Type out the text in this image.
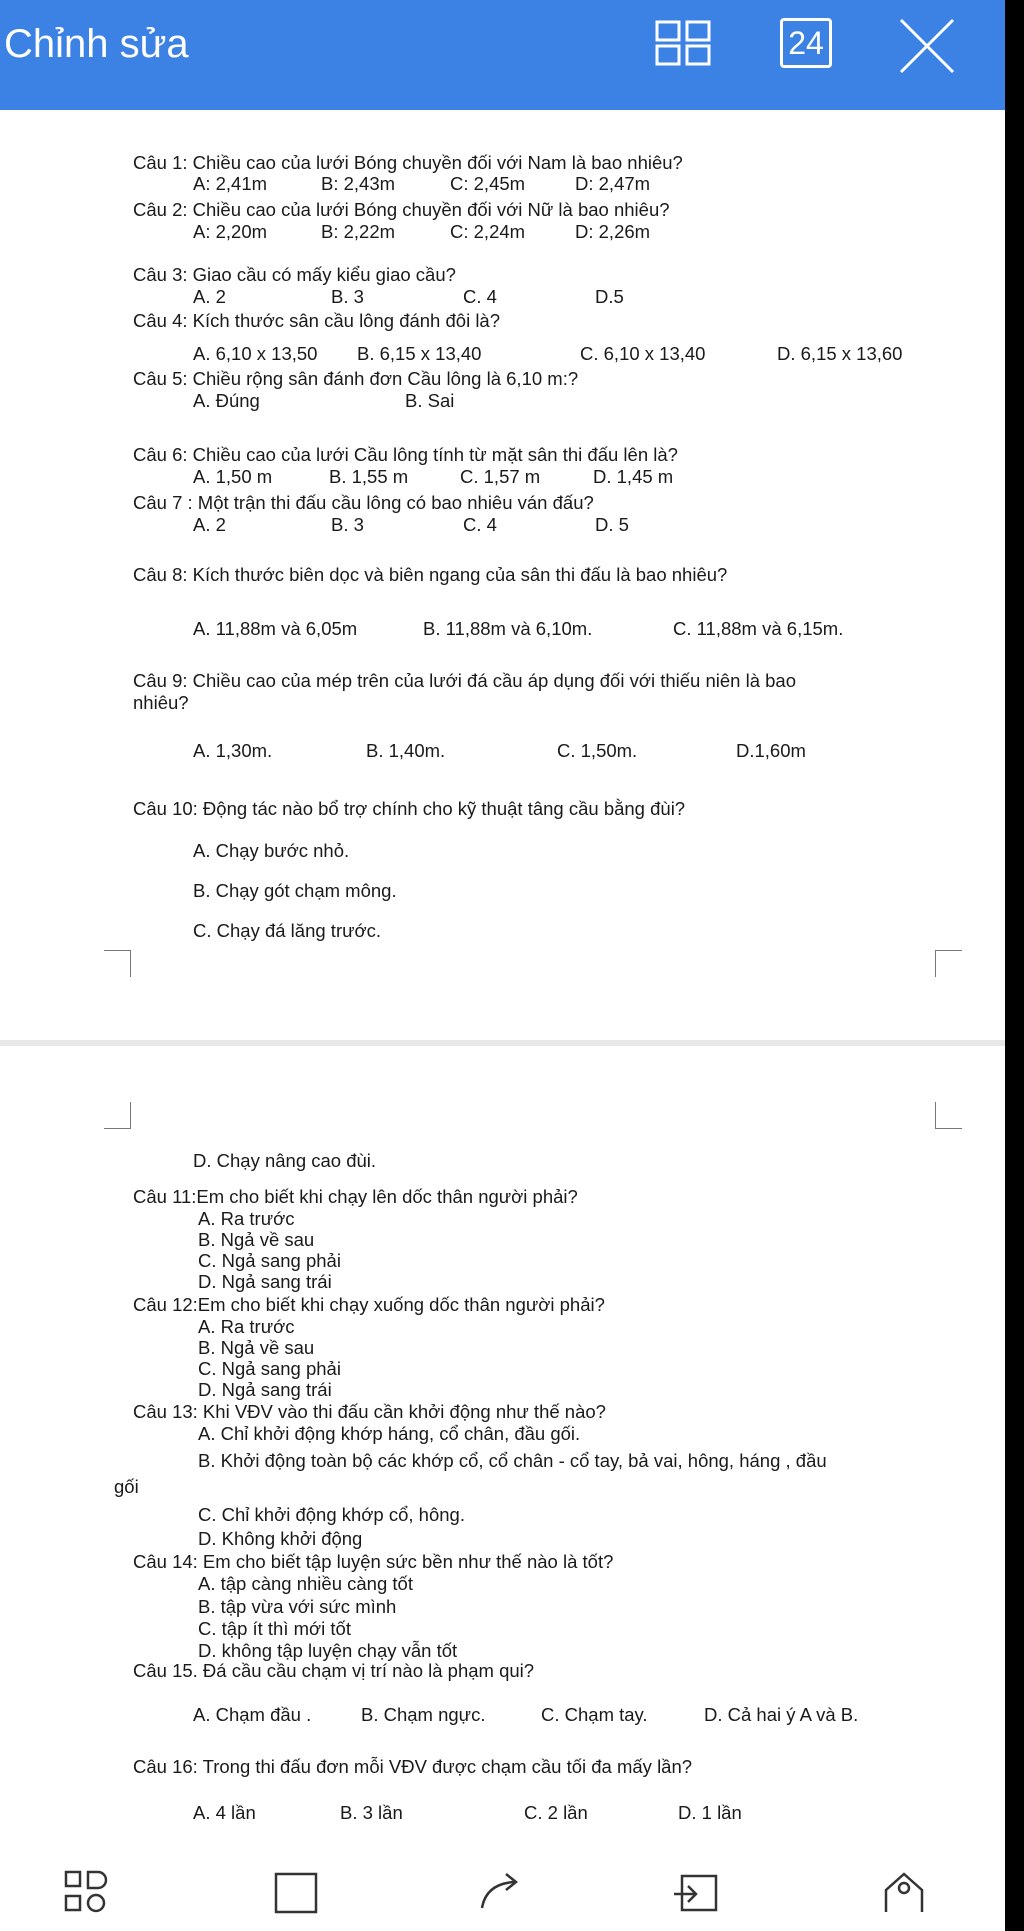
Chỉnh sửa	24
Câu 1: Chiều cao của lưới Bóng chuyền đối với Nam là bao nhiêu?
A: 2,41m	B: 2,43m	C: 2,45m	D: 2,47m
Câu 2: Chiều cao của lưới Bóng chuyền đối với Nữ là bao nhiêu?
A: 2,20m	B: 2,22m	C: 2,24m	D: 2,26m
Câu 3: Giao cầu có mấy kiểu giao cầu?
A. 2	B. 3	C. 4	D.5
Câu 4: Kích thước sân cầu lông đánh đôi là?
A. 6,10 x 13,50 B. 6,15 x 13,40	C. 6,10 x 13,40	D. 6,15 x 13,60
Câu 5: Chiều rộng sân đánh đơn Cầu lông là 6,10 m:?
A. Đúng	B. Sai
Câu 6: Chiều cao của lưới Cầu lông tính từ mặt sân thi đấu lên là?
A. 1,50 m	B. 1,55 m	C. 1,57 m	D. 1,45 m
Câu 7 : Một trận thi đấu cầu lông có bao nhiêu ván đấu?
A. 2	B. 3	C. 4	D. 5
Câu 8: Kích thước biên dọc và biên ngang của sân thi đấu là bao nhiêu?
A. 11,88m và 6,05m	B. 11,88m và 6,10m.	C. 11,88m và 6,15m.
Câu 9: Chiều cao của mép trên của lưới đá cầu áp dụng đối với thiếu niên là bao
nhiêu?
A. 1,30m.	B. 1,40m.	C. 1,50m.	D.1,60m
Câu 10: Động tác nào bổ trợ chính cho kỹ thuật tâng cầu bằng đùi?
A. Chạy bước nhỏ.
B. Chạy gót chạm mông.
C. Chạy đá lăng trước.
D. Chạy nâng cao đùi.
Câu 11:Em cho biết khi chạy lên dốc thân người phải?
A. Ra trước
B. Ngả về sau
C. Ngả sang phải
D. Ngả sang trái
Câu 12:Em cho biết khi chạy xuống dốc thân người phải?
A. Ra trước
B. Ngả về sau
C. Ngả sang phải
D. Ngả sang trái
Câu 13: Khi VĐV vào thi đấu cần khởi động như thế nào?
A. Chỉ khởi động khớp háng, cổ chân, đầu gối.
B. Khởi động toàn bộ các khớp cổ, cổ chân - cổ tay, bả vai, hông, háng , đầu
gối
C. Chỉ khởi động khớp cổ, hông.
D. Không khởi động
Câu 14: Em cho biết tập luyện sức bền như thế nào là tốt?
A. tập càng nhiều càng tốt
B. tập vừa với sức mình
C. tập ít thì mới tốt
D. không tập luyện chạy vẫn tốt
Câu 15. Đá cầu cầu chạm vị trí nào là phạm qui?
A. Chạm đầu .	B. Chạm ngực.	C. Chạm tay.	D. Cả hai ý A và B.
Câu 16: Trong thi đấu đơn mỗi VĐV được chạm cầu tối đa mấy lần?
A. 4 lần	B. 3 lần	C. 2 lần	D. 1 lần
